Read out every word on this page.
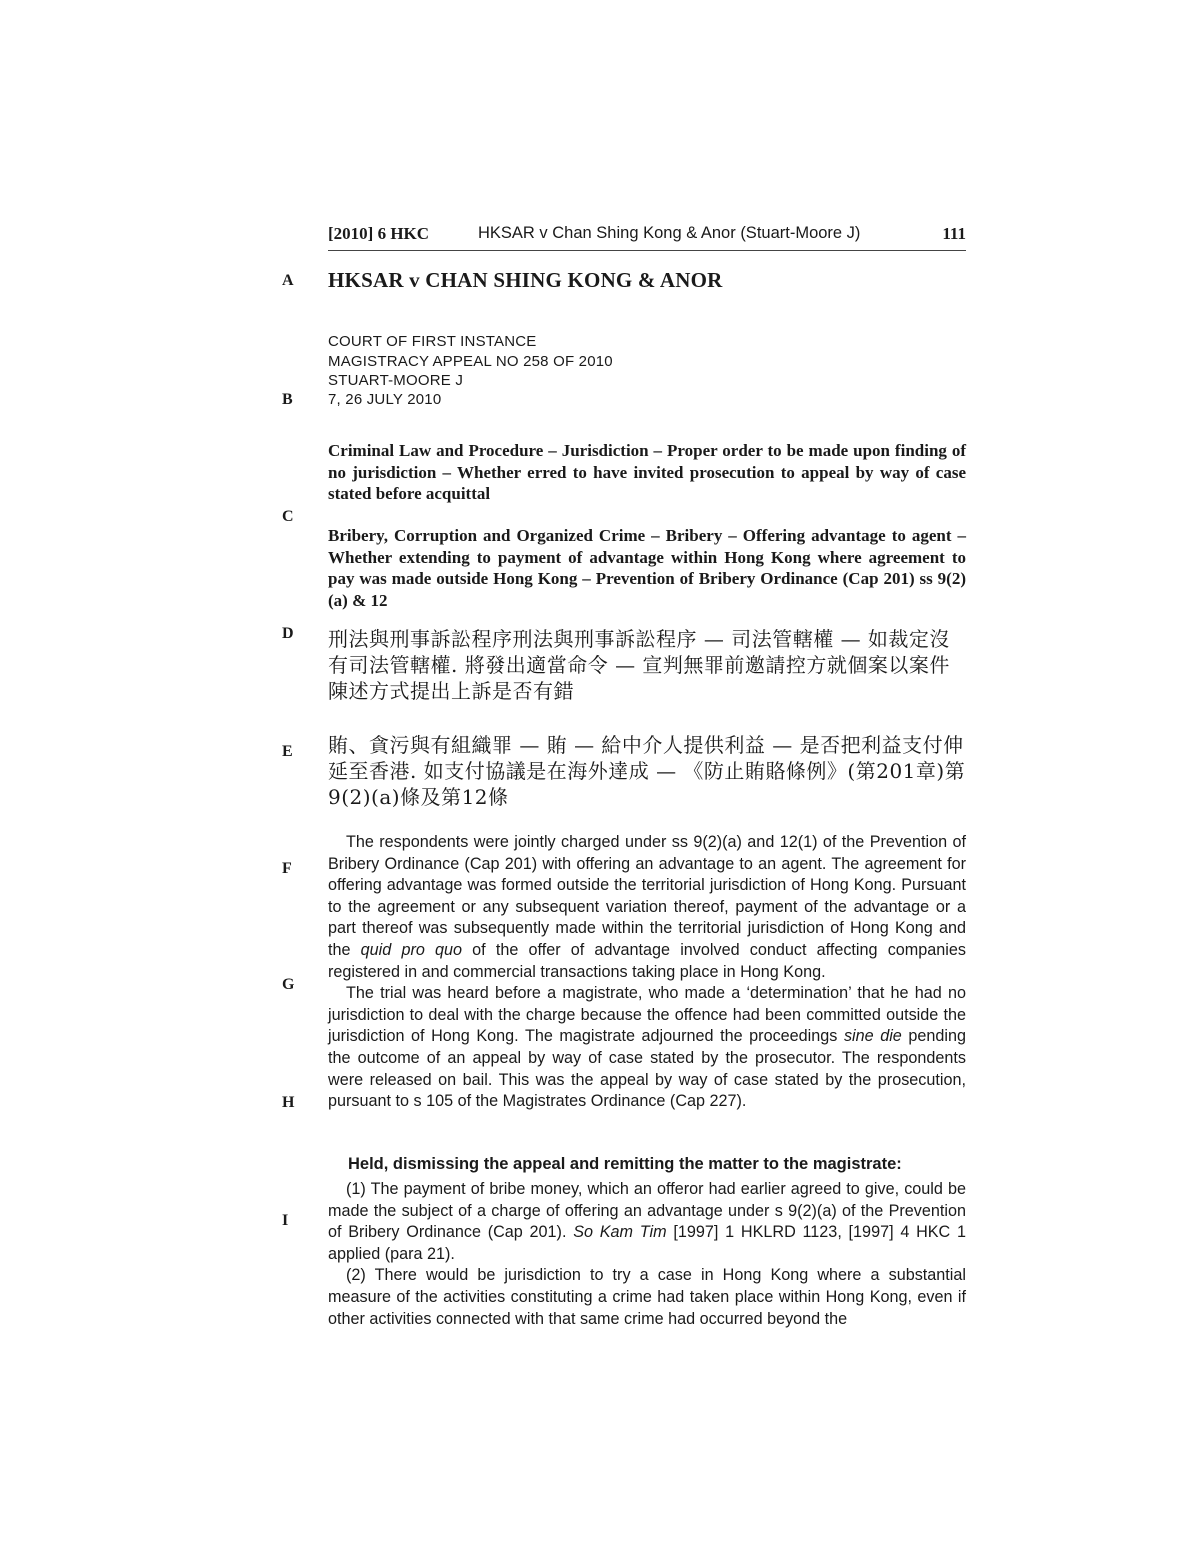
[2010] 6 HKC	HKSAR v Chan Shing Kong & Anor (Stuart-Moore J)	111
A
B
C
D
E
F
G
H
I
HKSAR v CHAN SHING KONG & ANOR
COURT OF FIRST INSTANCE
MAGISTRACY APPEAL NO 258 OF 2010
STUART-MOORE J
7, 26 JULY 2010
Criminal Law and Procedure – Jurisdiction – Proper order to be made upon finding of no jurisdiction – Whether erred to have invited prosecution to appeal by way of case stated before acquittal
Bribery, Corruption and Organized Crime – Bribery – Offering advantage to agent – Whether extending to payment of advantage within Hong Kong where agreement to pay was made outside Hong Kong – Prevention of Bribery Ordinance (Cap 201) ss 9(2)(a) & 12
刑法與刑事訴訟程序刑法與刑事訴訟程序 — 司法管轄權 — 如裁定沒有司法管轄權. 將發出適當命令 — 宣判無罪前邀請控方就個案以案件陳述方式提出上訴是否有錯
賄、貪污與有組織罪 — 賄 — 給中介人提供利益 — 是否把利益支付伸延至香港. 如支付協議是在海外達成 — 《防止賄賂條例》(第201章)第9(2)(a)條及第12條

The respondents were jointly charged under ss 9(2)(a) and 12(1) of the Prevention of Bribery Ordinance (Cap 201) with offering an advantage to an agent. The agreement for offering advantage was formed outside the territorial jurisdiction of Hong Kong. Pursuant to the agreement or any subsequent variation thereof, payment of the advantage or a part thereof was subsequently made within the territorial jurisdiction of Hong Kong and the quid pro quo of the offer of advantage involved conduct affecting companies registered in and commercial transactions taking place in Hong Kong.

The trial was heard before a magistrate, who made a ‘determination’ that he had no jurisdiction to deal with the charge because the offence had been committed outside the jurisdiction of Hong Kong. The magistrate adjourned the proceedings sine die pending the outcome of an appeal by way of case stated by the prosecutor. The respondents were released on bail. This was the appeal by way of case stated by the prosecution, pursuant to s 105 of the Magistrates Ordinance (Cap 227).

Held, dismissing the appeal and remitting the matter to the magistrate:

(1) The payment of bribe money, which an offeror had earlier agreed to give, could be made the subject of a charge of offering an advantage under s 9(2)(a) of the Prevention of Bribery Ordinance (Cap 201). So Kam Tim [1997] 1 HKLRD 1123, [1997] 4 HKC 1 applied (para 21).

(2) There would be jurisdiction to try a case in Hong Kong where a substantial measure of the activities constituting a crime had taken place within Hong Kong, even if other activities connected with that same crime had occurred beyond the
